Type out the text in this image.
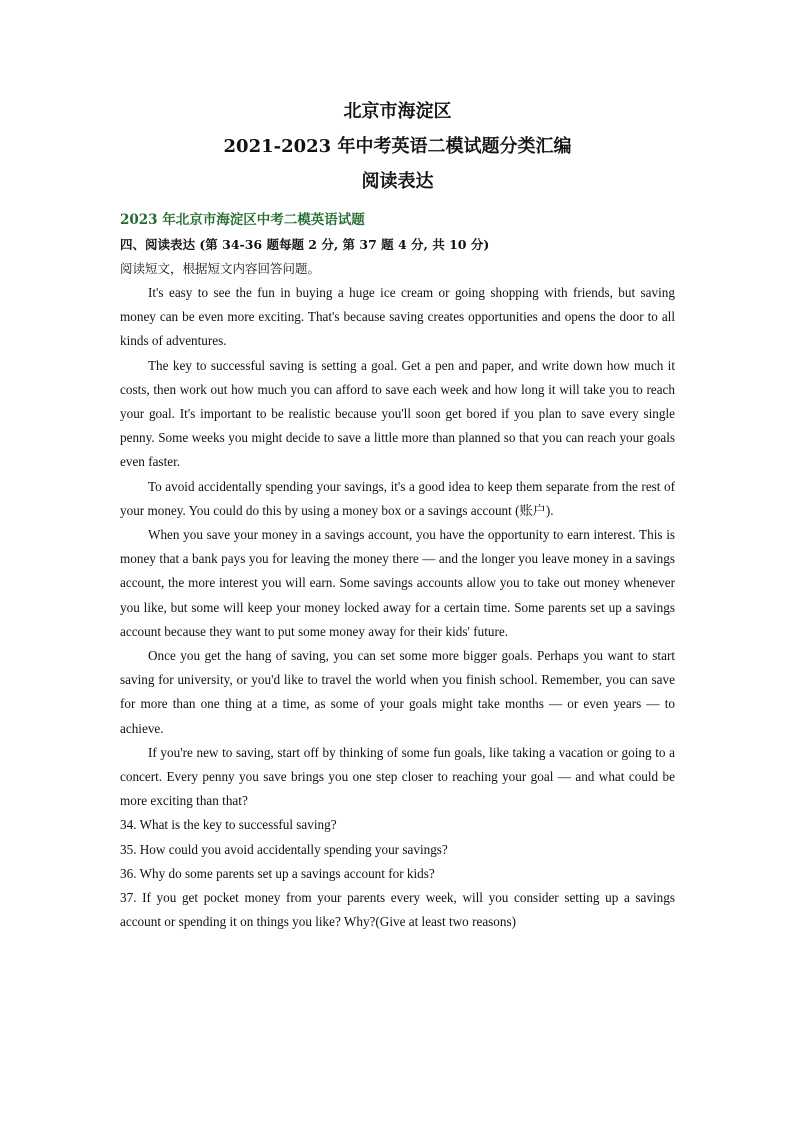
北京市海淀区

2021-2023 年中考英语二模试题分类汇编

阅读表达

2023 年北京市海淀区中考二模英语试题

四、阅读表达 (第 34-36 题每题 2 分, 第 37 题 4 分, 共 10 分)

阅读短文，根据短文内容回答问题。

It's easy to see the fun in buying a huge ice cream or going shopping with friends, but saving money can be even more exciting. That's because saving creates opportunities and opens the door to all kinds of adventures.

The key to successful saving is setting a goal. Get a pen and paper, and write down how much it costs, then work out how much you can afford to save each week and how long it will take you to reach your goal. It's important to be realistic because you'll soon get bored if you plan to save every single penny. Some weeks you might decide to save a little more than planned so that you can reach your goals even faster.

To avoid accidentally spending your savings, it's a good idea to keep them separate from the rest of your money. You could do this by using a money box or a savings account (账户).

When you save your money in a savings account, you have the opportunity to earn interest. This is money that a bank pays you for leaving the money there — and the longer you leave money in a savings account, the more interest you will earn. Some savings accounts allow you to take out money whenever you like, but some will keep your money locked away for a certain time. Some parents set up a savings account because they want to put some money away for their kids' future.

Once you get the hang of saving, you can set some more bigger goals. Perhaps you want to start saving for university, or you'd like to travel the world when you finish school. Remember, you can save for more than one thing at a time, as some of your goals might take months — or even years — to achieve.

If you're new to saving, start off by thinking of some fun goals, like taking a vacation or going to a concert. Every penny you save brings you one step closer to reaching your goal — and what could be more exciting than that?

34. What is the key to successful saving?

35. How could you avoid accidentally spending your savings?

36. Why do some parents set up a savings account for kids?

37. If you get pocket money from your parents every week, will you consider setting up a savings account or spending it on things you like? Why?(Give at least two reasons)
